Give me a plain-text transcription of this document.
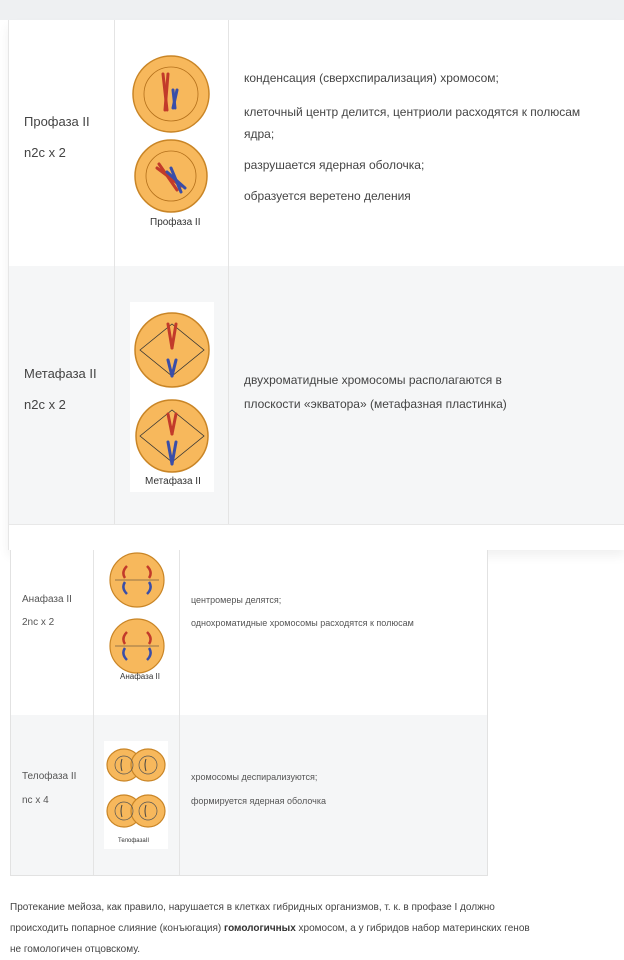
Профаза II
n2c x 2
Профаза II
конденсация (сверхспирализация) хромосом;
клеточный центр делится, центриоли расходятся к полюсам
ядра;
разрушается ядерная оболочка;
образуется веретено деления
Метафаза II
n2c x 2
Метафаза II
двухроматидные хромосомы располагаются в
плоскости «экватора» (метафазная пластинка)
Анафаза II
2nc x 2
Анафаза II
центромеры делятся;
однохроматидные хромосомы расходятся к полюсам
Телофаза II
nc x 4
ТелофазаII
хромосомы деспирализуются;
формируется ядерная оболочка
Протекание мейоза, как правило, нарушается в клетках гибридных организмов, т. к. в профазе I должно
происходить попарное слияние (конъюгация) гомологичных хромосом, а у гибридов набор материнских генов
не гомологичен отцовскому.
